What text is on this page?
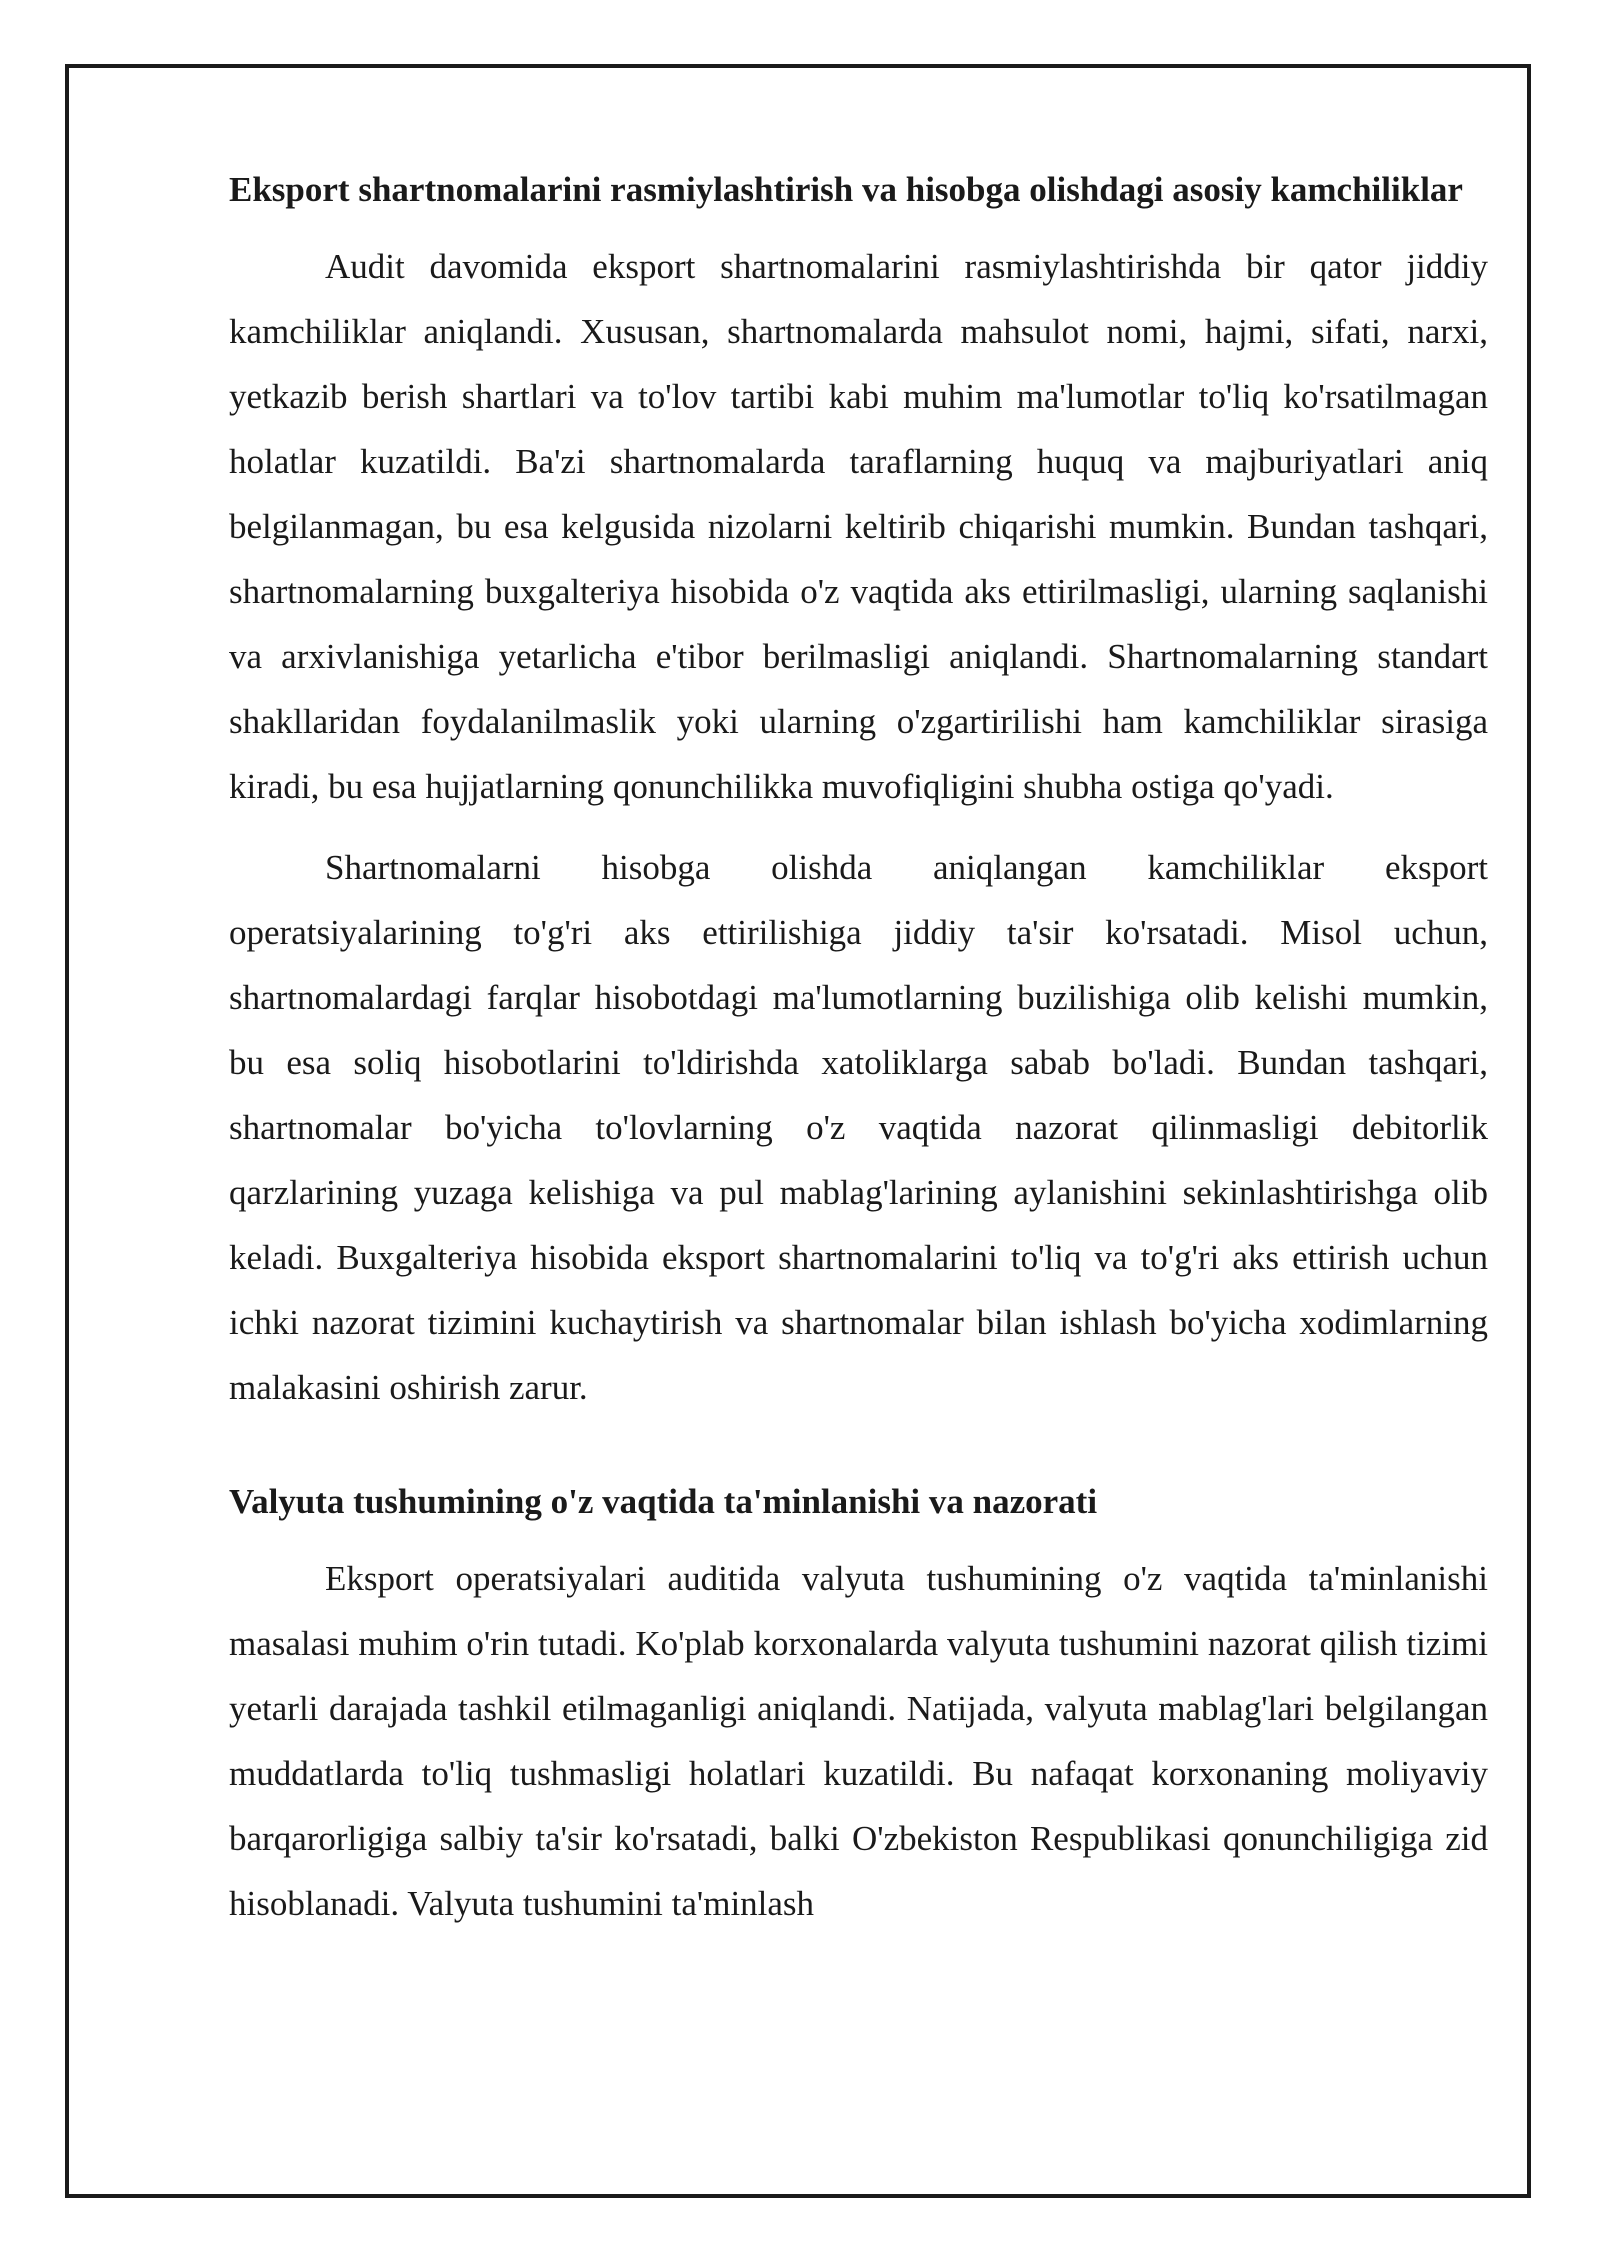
Eksport shartnomalarini rasmiylashtirish va hisobga olishdagi asosiy kamchiliklar

Audit davomida eksport shartnomalarini rasmiylashtirishda bir qator jiddiy kamchiliklar aniqlandi. Xususan, shartnomalarda mahsulot nomi, hajmi, sifati, narxi, yetkazib berish shartlari va to'lov tartibi kabi muhim ma'lumotlar to'liq ko'rsatilmagan holatlar kuzatildi. Ba'zi shartnomalarda taraflarning huquq va majburiyatlari aniq belgilanmagan, bu esa kelgusida nizolarni keltirib chiqarishi mumkin. Bundan tashqari, shartnomalarning buxgalteriya hisobida o'z vaqtida aks ettirilmasligi, ularning saqlanishi va arxivlanishiga yetarlicha e'tibor berilmasligi aniqlandi. Shartnomalarning standart shakllaridan foydalanilmaslik yoki ularning o'zgartirilishi ham kamchiliklar sirasiga kiradi, bu esa hujjatlarning qonunchilikka muvofiqligini shubha ostiga qo'yadi.

Shartnomalarni hisobga olishda aniqlangan kamchiliklar eksport operatsiyalarining to'g'ri aks ettirilishiga jiddiy ta'sir ko'rsatadi. Misol uchun, shartnomalardagi farqlar hisobotdagi ma'lumotlarning buzilishiga olib kelishi mumkin, bu esa soliq hisobotlarini to'ldirishda xatoliklarga sabab bo'ladi. Bundan tashqari, shartnomalar bo'yicha to'lovlarning o'z vaqtida nazorat qilinmasligi debitorlik qarzlarining yuzaga kelishiga va pul mablag'larining aylanishini sekinlashtirishga olib keladi. Buxgalteriya hisobida eksport shartnomalarini to'liq va to'g'ri aks ettirish uchun ichki nazorat tizimini kuchaytirish va shartnomalar bilan ishlash bo'yicha xodimlarning malakasini oshirish zarur.

Valyuta tushumining o'z vaqtida ta'minlanishi va nazorati

Eksport operatsiyalari auditida valyuta tushumining o'z vaqtida ta'minlanishi masalasi muhim o'rin tutadi. Ko'plab korxonalarda valyuta tushumini nazorat qilish tizimi yetarli darajada tashkil etilmaganligi aniqlandi. Natijada, valyuta mablag'lari belgilangan muddatlarda to'liq tushmasligi holatlari kuzatildi. Bu nafaqat korxonaning moliyaviy barqarorligiga salbiy ta'sir ko'rsatadi, balki O'zbekiston Respublikasi qonunchiligiga zid hisoblanadi. Valyuta tushumini ta'minlash
